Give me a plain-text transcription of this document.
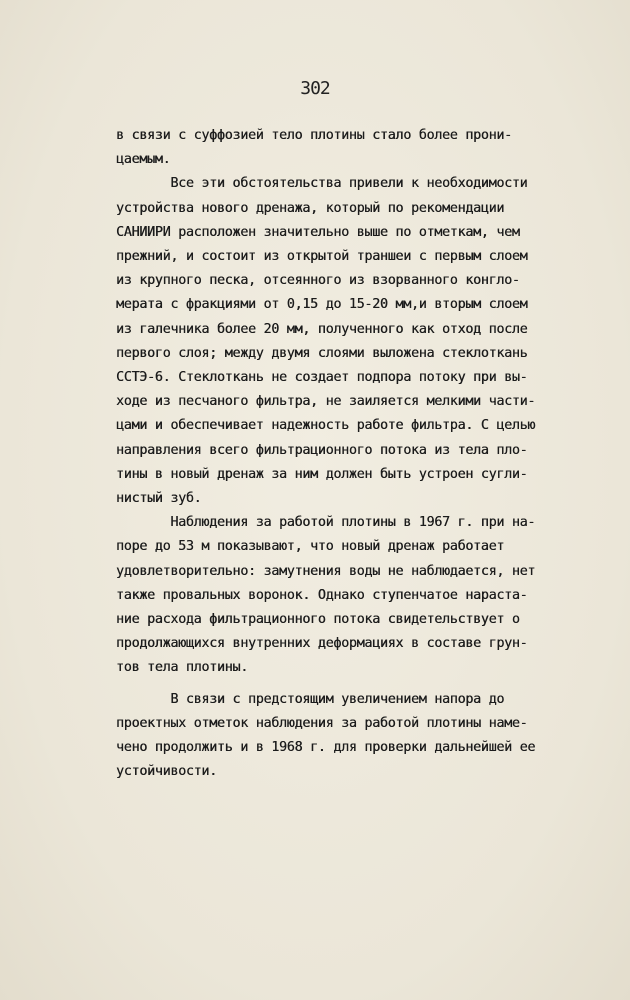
302

в связи с суффозией тело плотины стало более прони-
цаемым.

Все эти обстоятельства привели к необходимости
устройства нового дренажа, который по рекомендации
САНИИРИ расположен значительно выше по отметкам, чем
прежний, и состоит из открытой траншеи с первым слоем
из крупного песка, отсеянного из взорванного конгло-
мерата с фракциями от 0,15 до 15-20 мм,и вторым слоем
из галечника более 20 мм, полученного как отход после
первого слоя; между двумя слоями выложена стеклоткань
ССТЭ-6. Стеклоткань не создает подпора потоку при вы-
ходе из песчаного фильтра, не заиляется мелкими части-
цами и обеспечивает надежность работе фильтра. С целью
направления всего фильтрационного потока из тела пло-
тины в новый дренаж за ним должен быть устроен сугли-
нистый зуб.

Наблюдения за работой плотины в 1967 г. при на-
поре до 53 м показывают, что новый дренаж работает
удовлетворительно: замутнения воды не наблюдается, нет
также провальных воронок. Однако ступенчатое нараста-
ние расхода фильтрационного потока свидетельствует о
продолжающихся внутренних деформациях в составе грун-
тов тела плотины.

В связи с предстоящим увеличением напора до
проектных отметок наблюдения за работой плотины наме-
чено продолжить и в 1968 г. для проверки дальнейшей ее
устойчивости.
